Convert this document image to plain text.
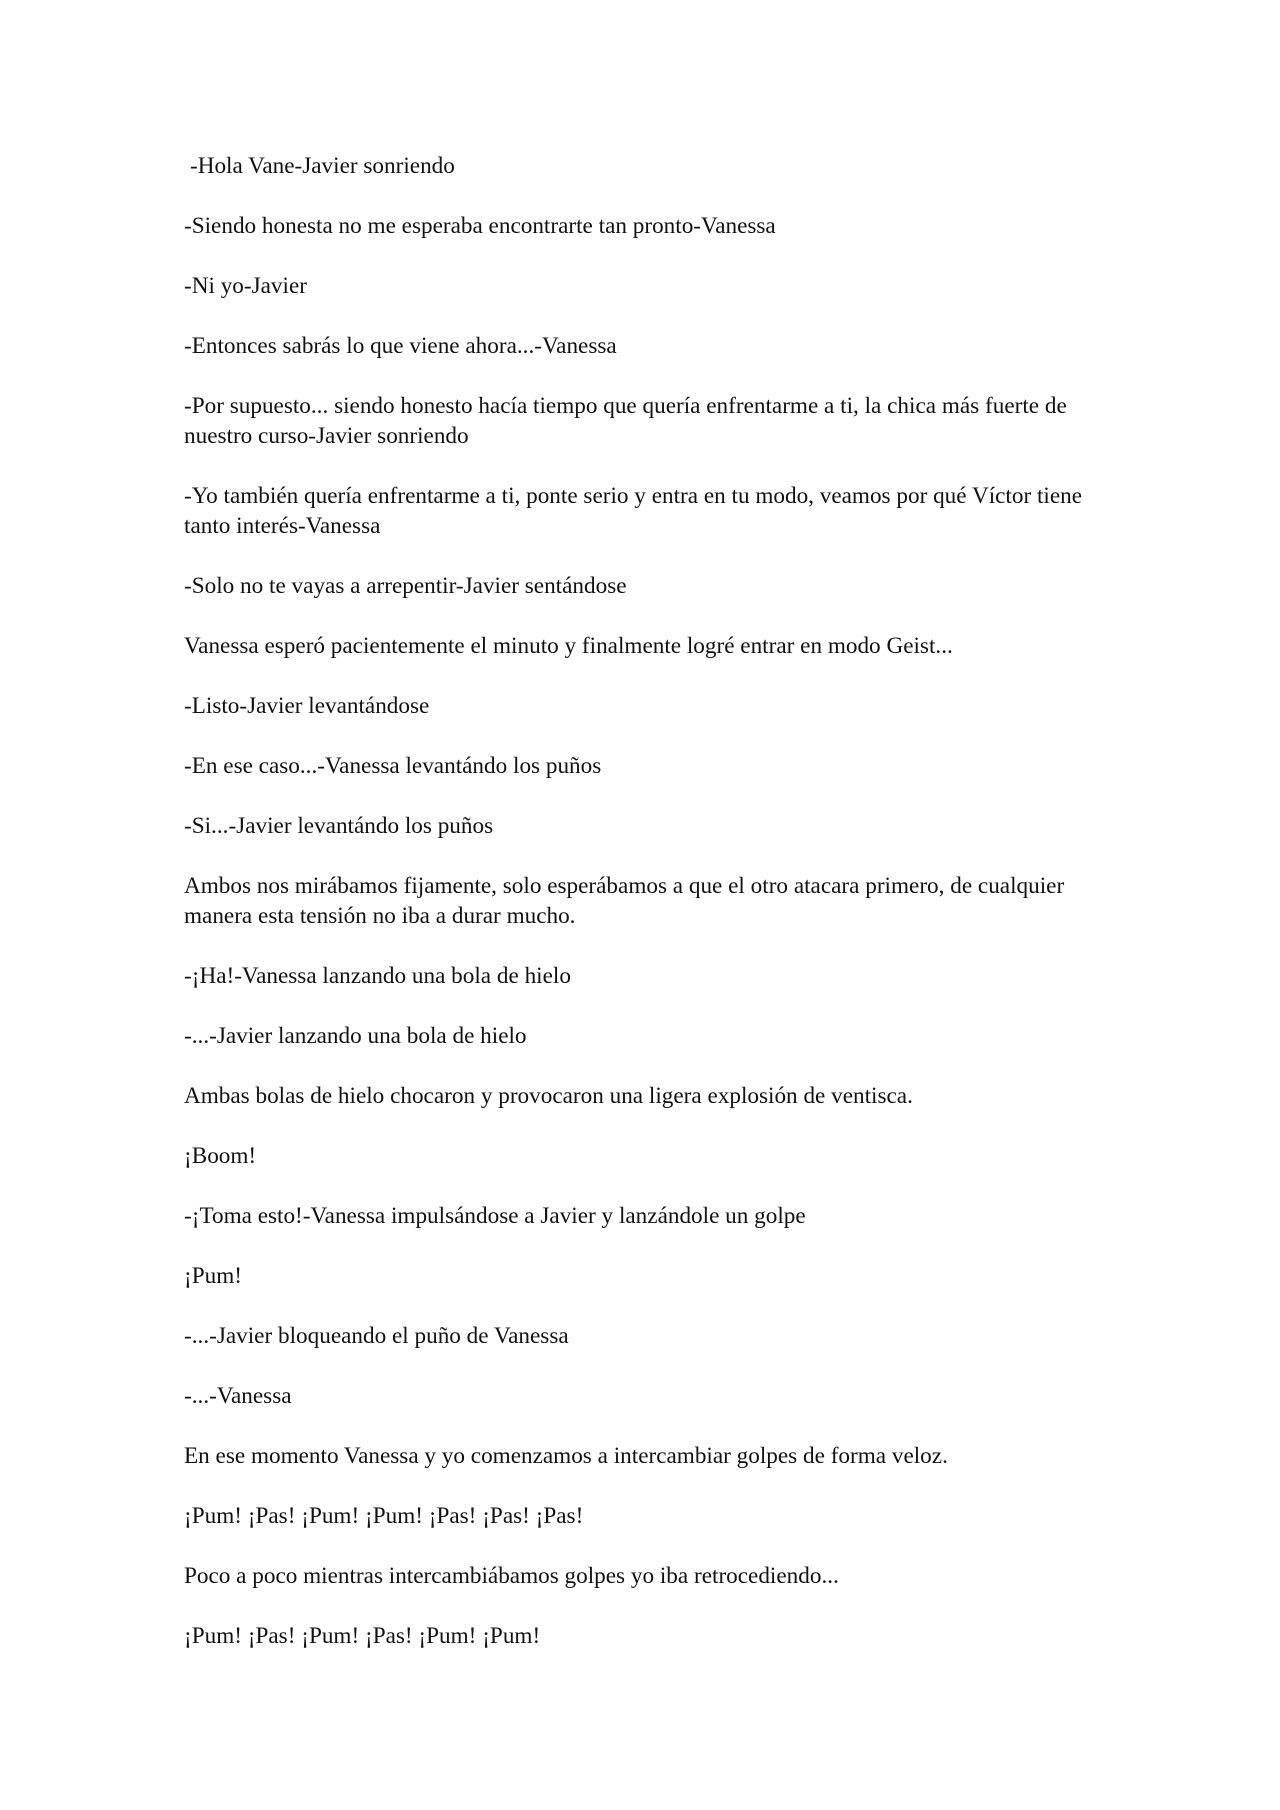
-Hola Vane-Javier sonriendo

-Siendo honesta no me esperaba encontrarte tan pronto-Vanessa

-Ni yo-Javier

-Entonces sabrás lo que viene ahora...-Vanessa

-Por supuesto... siendo honesto hacía tiempo que quería enfrentarme a ti, la chica más fuerte de nuestro curso-Javier sonriendo

-Yo también quería enfrentarme a ti, ponte serio y entra en tu modo, veamos por qué Víctor tiene tanto interés-Vanessa

-Solo no te vayas a arrepentir-Javier sentándose

Vanessa esperó pacientemente el minuto y finalmente logré entrar en modo Geist...

-Listo-Javier levantándose

-En ese caso...-Vanessa levantándo los puños

-Si...-Javier levantándo los puños

Ambos nos mirábamos fijamente, solo esperábamos a que el otro atacara primero, de cualquier manera esta tensión no iba a durar mucho.

-¡Ha!-Vanessa lanzando una bola de hielo

-...-Javier lanzando una bola de hielo

Ambas bolas de hielo chocaron y provocaron una ligera explosión de ventisca.

¡Boom!

-¡Toma esto!-Vanessa impulsándose a Javier y lanzándole un golpe

¡Pum!

-...-Javier bloqueando el puño de Vanessa

-...-Vanessa

En ese momento Vanessa y yo comenzamos a intercambiar golpes de forma veloz.

¡Pum! ¡Pas! ¡Pum! ¡Pum! ¡Pas! ¡Pas! ¡Pas!

Poco a poco mientras intercambiábamos golpes yo iba retrocediendo...

¡Pum! ¡Pas! ¡Pum! ¡Pas! ¡Pum! ¡Pum!
